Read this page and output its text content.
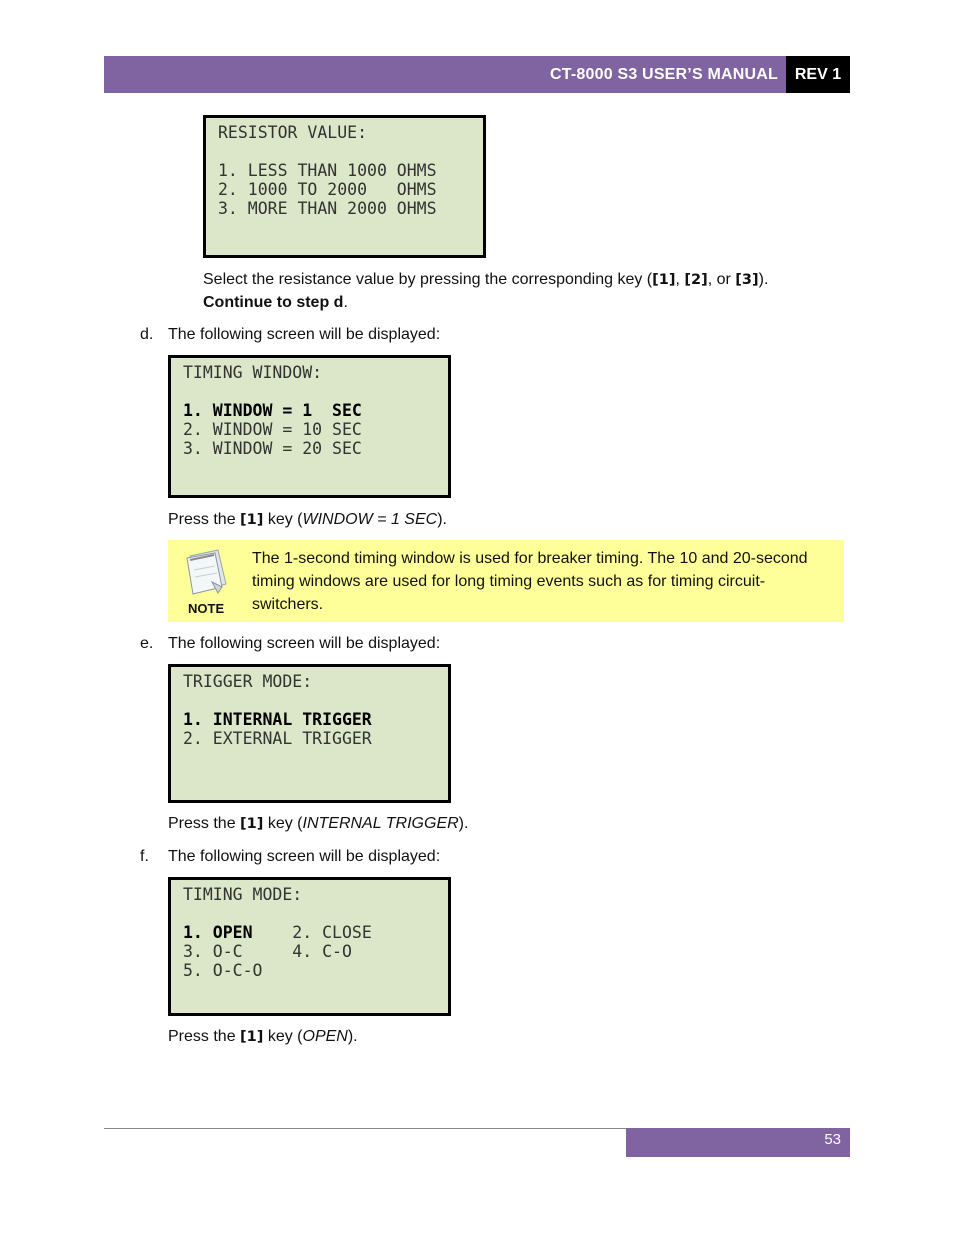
CT-8000 S3 USER’S MANUAL	REV 1
RESISTOR VALUE:
1. LESS THAN 1000 OHMS
2. 1000 TO 2000   OHMS
3. MORE THAN 2000 OHMS
Select the resistance value by pressing the corresponding key ([1], [2], or [3]).
Continue to step d.
d. The following screen will be displayed:
TIMING WINDOW:
1. WINDOW = 1  SEC
2. WINDOW = 10 SEC
3. WINDOW = 20 SEC
Press the [1] key (WINDOW = 1 SEC).
NOTE
The 1-second timing window is used for breaker timing. The 10 and 20-second timing windows are used for long timing events such as for timing circuit-switchers.
e. The following screen will be displayed:
TRIGGER MODE:
1. INTERNAL TRIGGER
2. EXTERNAL TRIGGER
Press the [1] key (INTERNAL TRIGGER).
f. The following screen will be displayed:
TIMING MODE:
1. OPEN    2. CLOSE
3. O-C     4. C-O
5. O-C-O
Press the [1] key (OPEN).
53
